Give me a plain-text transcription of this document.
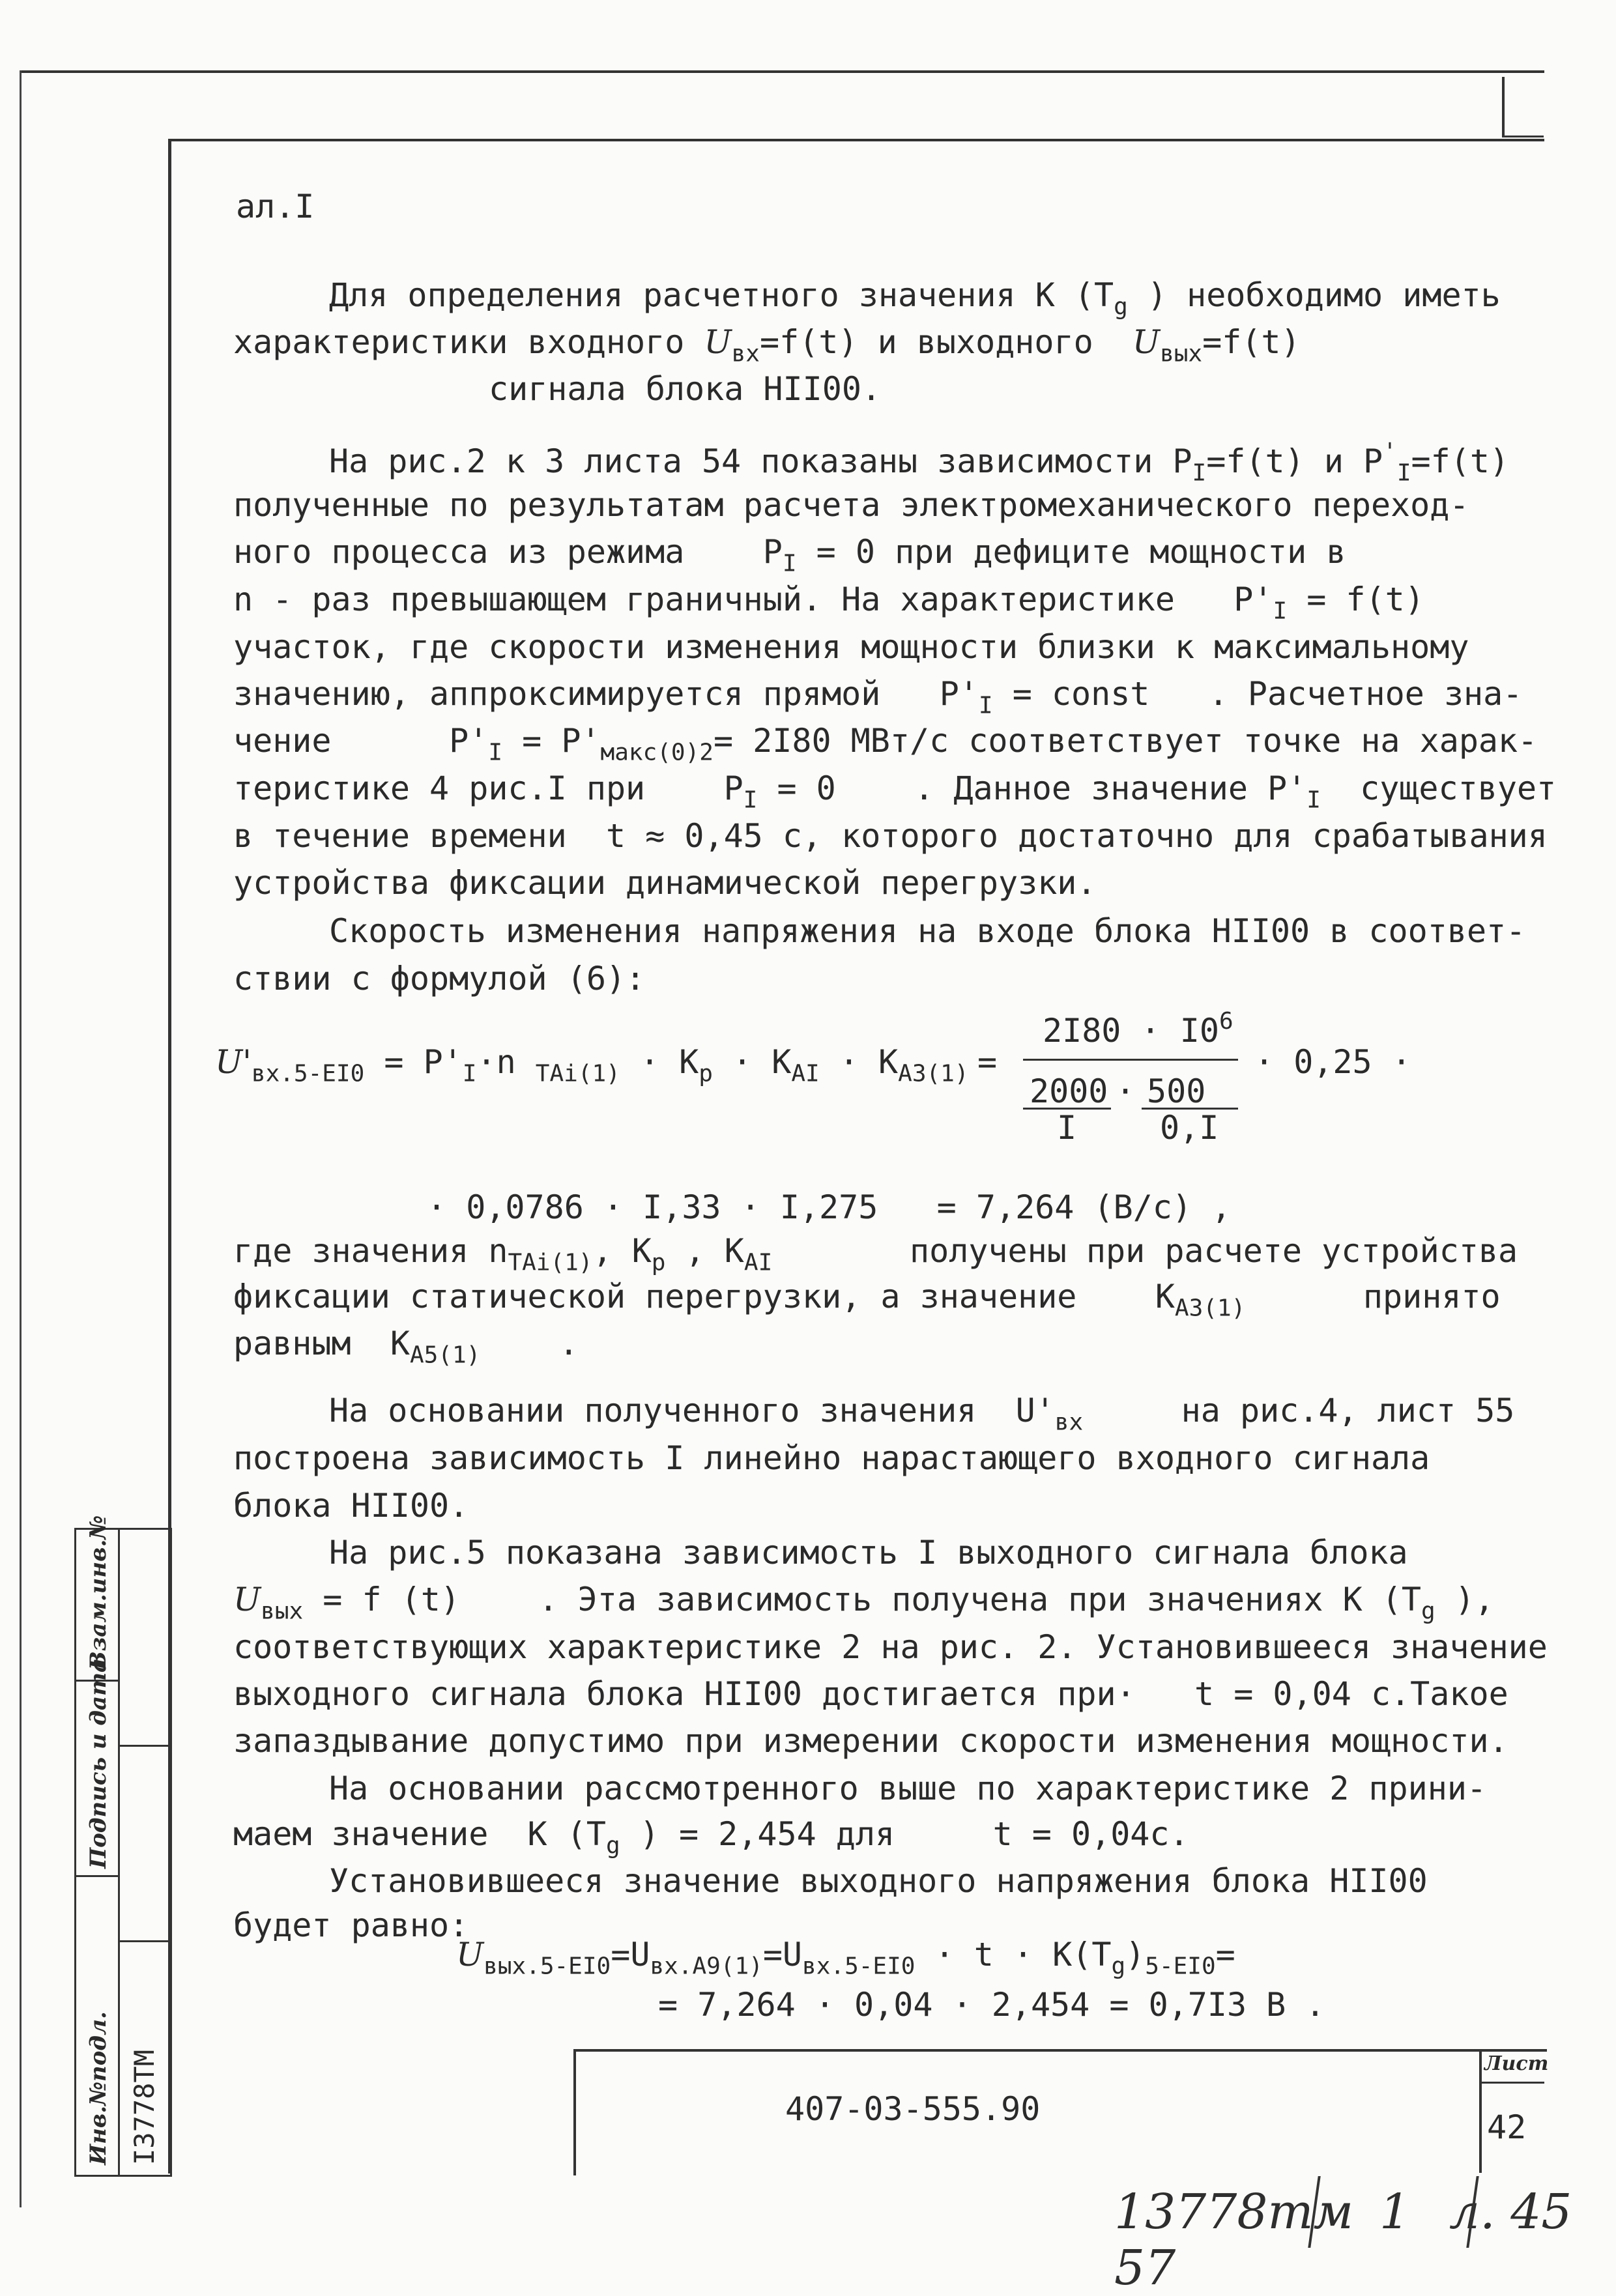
Взам.инв.№
Подпись и дата
Инв.№подл. I3778ТМ
ал.I
Для определения расчетного значения К ($Т_g$ ) необходимо иметь
характеристики входного $U_{вх}=f(t)$ и выходного  $U_{вых}=f(t)$
сигнала блока HII00.
На рис.2 к 3 листа 54 показаны зависимости $P_I=f(t)$ и $P'_I=f(t)$
полученные по результатам расчета электромеханического переход-
ного процесса из режима    $P_I = 0$ при дефиците мощности в
n - раз превышающем граничный. На характеристике   $P'_I = f(t)$
участок, где скорости изменения мощности близки к максимальному
значению, аппроксимируется прямой   $P'_I$ = const   . Расчетное зна-
чение      $P'_I = P'_{макс(0)2}= 2I80$ МВт/с соответствует точке на харак-
теристике 4 рис.I при    $P_I = 0$    . Данное значение $P'_I$  существует
в течение времени  t ≈ 0,45 с, которого достаточно для срабатывания
устройства фиксации динамической перегрузки.
Скорость изменения напряжения на входе блока HII00 в соответ-
ствии с формулой (6):
$U'_{вх.5-EI0} = P'_I\cdot n$ $_{TAi(1)} \cdot K_p \cdot K_{AI} \cdot K_{A3(1)}$ =
$2I80 \cdot I0^6$
2000 · 500
I	0,I
· 0,25 ·
· 0,0786 · I,33 · I,275   = 7,264 (В/с) ,
где значения $n_{TAi(1)}$, $K_p$ , $K_{AI}$       получены при расчете устройства
фиксации статической перегрузки, а значение    $K_{A3(1)}$      принято
равным  $K_{A5(1)}$    .
На основании полученного значения  $U'_{вх}$     на рис.4, лист 55
построена зависимость I линейно нарастающего входного сигнала
блока HII00.
На рис.5 показана зависимость I выходного сигнала блока
$U_{вых} = f$ (t)    . Эта зависимость получена при значениях K ($T_g$ ),
соответствующих характеристике 2 на рис. 2. Установившееся значение
выходного сигнала блока HII00 достигается при·   t = 0,04 с.Такое
запаздывание допустимо при измерении скорости изменения мощности.
На основании рассмотренного выше по характеристике 2 прини-
маем значение  K ($T_g$ ) = 2,454 для     t = 0,04с.
Установившееся значение выходного напряжения блока HII00
будет равно:
$U_{вых.5-EI0}=U_{вх.A9(1)}=U_{вх.5-EI0} \cdot t \cdot K(T_g)_{5-EI0}=$
= 7,264 · 0,04 · 2,454 = 0,7I3 В .
407-03-555.90
Лист
42
13778тм 1 л. 4557
